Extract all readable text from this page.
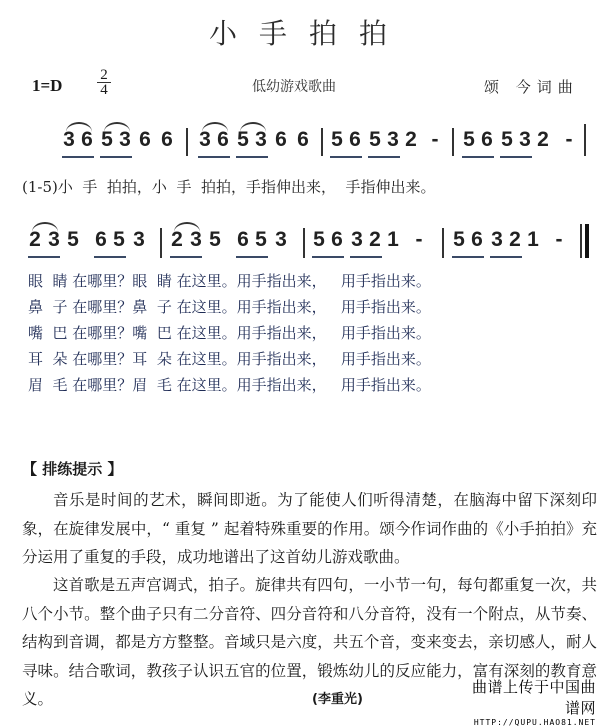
小手拍拍
$1=D \frac{2}{4}$	低幼游戏歌曲	颂 今词曲
3 6 5 3 6 6 3 6 5 3 6 6 5 6 5 3 2 - 5 6 5 3 2 -
(1-5)小  手  拍拍，小  手  拍拍，手指伸出来，  手指伸出来。
2 3 5 6 5 3 2 3 5 6 5 3 5 6 3 2 1 - 5 6 3 2 1 -
眼  睛 在哪里？眼  睛 在这里。用手指出来，   用手指出来。
鼻  子 在哪里？鼻  子 在这里。用手指出来，   用手指出来。
嘴  巴 在哪里？嘴  巴 在这里。用手指出来，   用手指出来。
耳  朵 在哪里？耳  朵 在这里。用手指出来，   用手指出来。
眉  毛 在哪里？眉  毛 在这里。用手指出来，   用手指出来。
【 排练提示 】
音乐是时间的艺术，瞬间即逝。为了能使人们听得清楚，在脑海中留下深刻印象，在旋律发展中，“ 重复 ” 起着特殊重要的作用。颂今作词作曲的《小手拍拍》充分运用了重复的手段，成功地谱出了这首幼儿游戏歌曲。
这首歌是五声宫调式，拍子。旋律共有四句，一小节一句，每句都重复一次，共八个小节。整个曲子只有二分音符、四分音符和八分音符，没有一个附点，从节奏、结构到音调，都是方方整整。音域只是六度，共五个音，变来变去，亲切感人，耐人寻味。结合歌词，教孩子认识五官的位置，锻炼幼儿的反应能力，富有深刻的教育意义。	(李重光)
曲谱上传于中国曲谱网
HTTP://QUPU.HAO81.NET
